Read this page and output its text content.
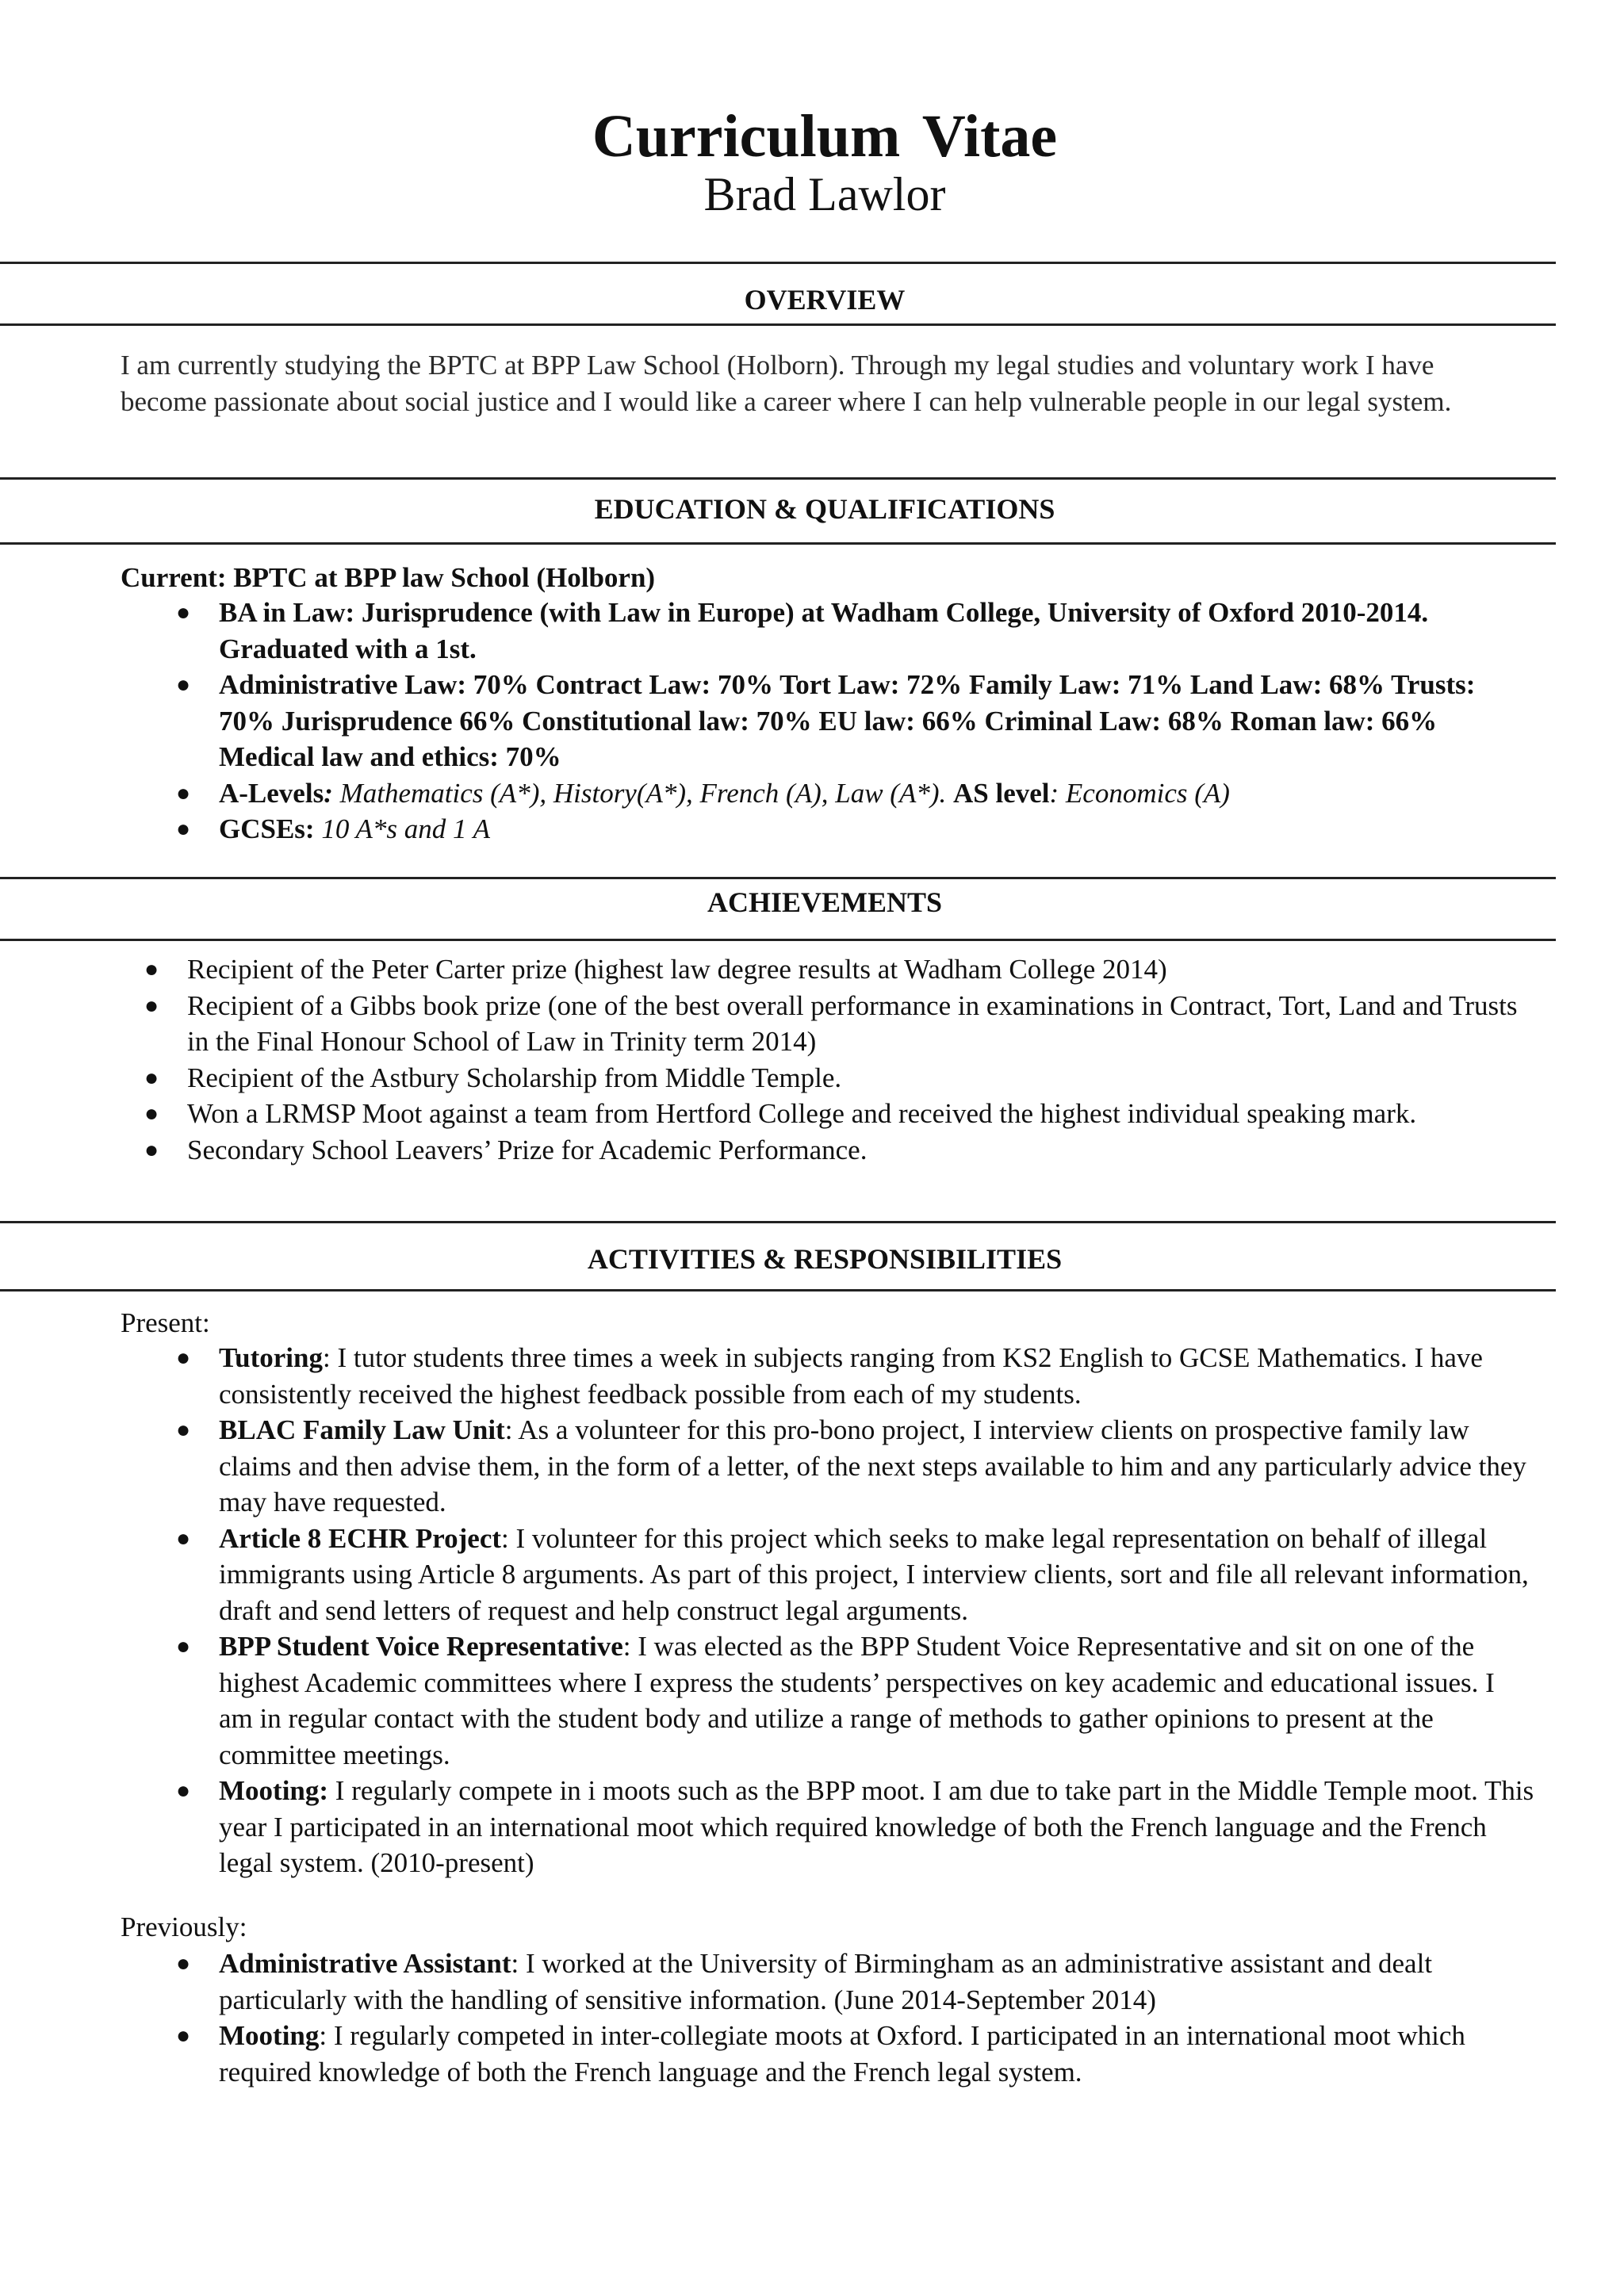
Curriculum Vitae
Brad Lawlor
OVERVIEW
I am currently studying the BPTC at BPP Law School (Holborn). Through my legal studies and voluntary work I have become passionate about social justice and I would like a career where I can help vulnerable people in our legal system.
EDUCATION & QUALIFICATIONS
Current: BPTC at BPP law School (Holborn)
● BA in Law: Jurisprudence (with Law in Europe) at Wadham College, University of Oxford 2010-2014. Graduated with a 1st.
● Administrative Law: 70% Contract Law: 70% Tort Law: 72% Family Law: 71% Land Law: 68% Trusts: 70% Jurisprudence 66% Constitutional law: 70% EU law: 66% Criminal Law: 68% Roman law: 66% Medical law and ethics: 70%
● A-Levels: Mathematics (A*), History(A*), French (A), Law (A*). AS level: Economics (A)
● GCSEs: 10 A*s and 1 A
ACHIEVEMENTS
● Recipient of the Peter Carter prize (highest law degree results at Wadham College 2014)
● Recipient of a Gibbs book prize (one of the best overall performance in examinations in Contract, Tort, Land and Trusts in the Final Honour School of Law in Trinity term 2014)
● Recipient of the Astbury Scholarship from Middle Temple.
● Won a LRMSP Moot against a team from Hertford College and received the highest individual speaking mark.
● Secondary School Leavers’ Prize for Academic Performance.
ACTIVITIES & RESPONSIBILITIES
Present:
● Tutoring: I tutor students three times a week in subjects ranging from KS2 English to GCSE Mathematics. I have consistently received the highest feedback possible from each of my students.
● BLAC Family Law Unit: As a volunteer for this pro-bono project, I interview clients on prospective family law claims and then advise them, in the form of a letter, of the next steps available to him and any particularly advice they may have requested.
● Article 8 ECHR Project: I volunteer for this project which seeks to make legal representation on behalf of illegal immigrants using Article 8 arguments. As part of this project, I interview clients, sort and file all relevant information, draft and send letters of request and help construct legal arguments.
● BPP Student Voice Representative: I was elected as the BPP Student Voice Representative and sit on one of the highest Academic committees where I express the students’ perspectives on key academic and educational issues. I am in regular contact with the student body and utilize a range of methods to gather opinions to present at the committee meetings.
● Mooting: I regularly compete in i moots such as the BPP moot. I am due to take part in the Middle Temple moot. This year I participated in an international moot which required knowledge of both the French language and the French legal system. (2010-present)
Previously:
● Administrative Assistant: I worked at the University of Birmingham as an administrative assistant and dealt particularly with the handling of sensitive information. (June 2014-September 2014)
● Mooting: I regularly competed in inter-collegiate moots at Oxford. I participated in an international moot which required knowledge of both the French language and the French legal system.
